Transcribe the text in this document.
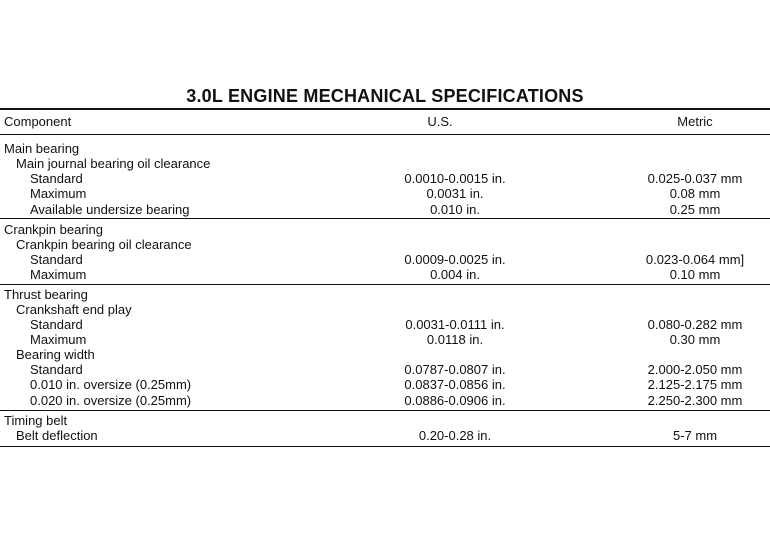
3.0L ENGINE MECHANICAL SPECIFICATIONS
Component	U.S.	Metric
Main bearing
Main journal bearing oil clearance
Standard	0.0010-0.0015 in.	0.025-0.037 mm
Maximum	0.0031 in.	0.08 mm
Available undersize bearing	0.010 in.	0.25 mm
Crankpin bearing
Crankpin bearing oil clearance
Standard	0.0009-0.0025 in.	0.023-0.064 mm]
Maximum	0.004 in.	0.10 mm
Thrust bearing
Crankshaft end play
Standard	0.0031-0.0111 in.	0.080-0.282 mm
Maximum	0.0118 in.	0.30 mm
Bearing width
Standard	0.0787-0.0807 in.	2.000-2.050 mm
0.010 in. oversize (0.25mm)	0.0837-0.0856 in.	2.125-2.175 mm
0.020 in. oversize (0.25mm)	0.0886-0.0906 in.	2.250-2.300 mm
Timing belt
Belt deflection	0.20-0.28 in.	5-7 mm
